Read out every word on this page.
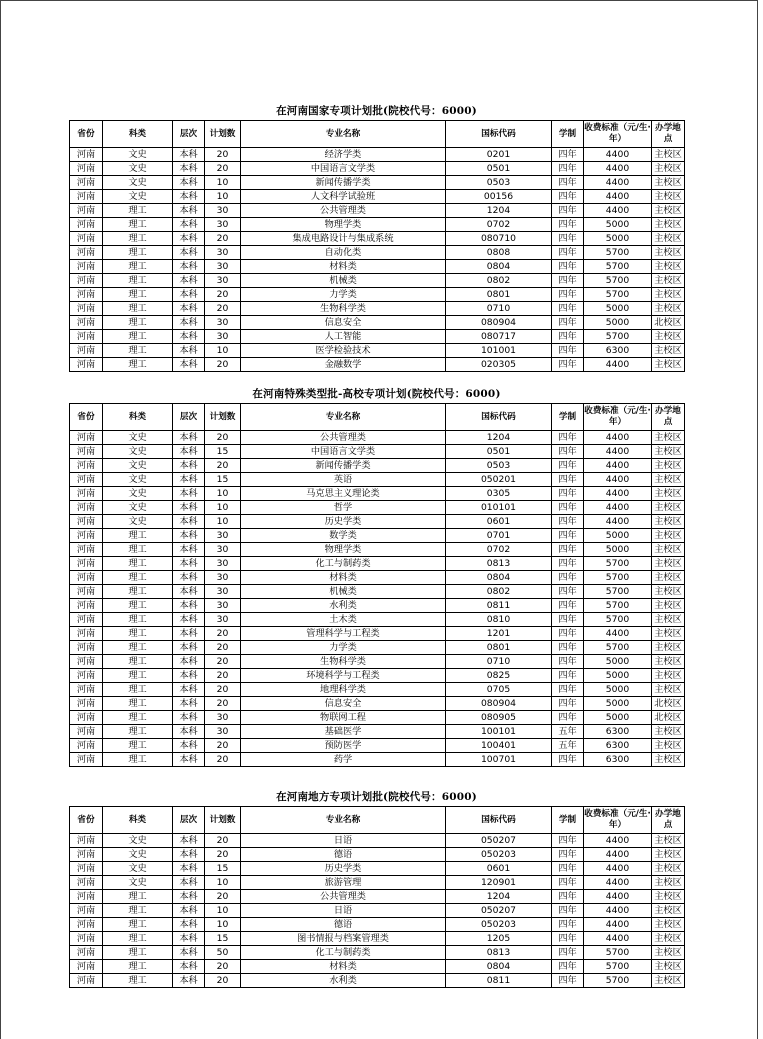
在河南国家专项计划批(院校代号：6000)
省份	科类	层次	计划数	专业名称	国标代码	学制	收费标准（元/生·年）	办学地点
河南	文史	本科	20	经济学类	0201	四年	4400	主校区
河南	文史	本科	20	中国语言文学类	0501	四年	4400	主校区
河南	文史	本科	10	新闻传播学类	0503	四年	4400	主校区
河南	文史	本科	10	人文科学试验班	00156	四年	4400	主校区
河南	理工	本科	30	公共管理类	1204	四年	4400	主校区
河南	理工	本科	30	物理学类	0702	四年	5000	主校区
河南	理工	本科	20	集成电路设计与集成系统	080710	四年	5000	主校区
河南	理工	本科	30	自动化类	0808	四年	5700	主校区
河南	理工	本科	30	材料类	0804	四年	5700	主校区
河南	理工	本科	30	机械类	0802	四年	5700	主校区
河南	理工	本科	20	力学类	0801	四年	5700	主校区
河南	理工	本科	20	生物科学类	0710	四年	5000	主校区
河南	理工	本科	30	信息安全	080904	四年	5000	北校区
河南	理工	本科	30	人工智能	080717	四年	5700	主校区
河南	理工	本科	10	医学检验技术	101001	四年	6300	主校区
河南	理工	本科	20	金融数学	020305	四年	4400	主校区
在河南特殊类型批-高校专项计划(院校代号：6000)
省份	科类	层次	计划数	专业名称	国标代码	学制	收费标准（元/生·年）	办学地点
河南	文史	本科	20	公共管理类	1204	四年	4400	主校区
河南	文史	本科	15	中国语言文学类	0501	四年	4400	主校区
河南	文史	本科	20	新闻传播学类	0503	四年	4400	主校区
河南	文史	本科	15	英语	050201	四年	4400	主校区
河南	文史	本科	10	马克思主义理论类	0305	四年	4400	主校区
河南	文史	本科	10	哲学	010101	四年	4400	主校区
河南	文史	本科	10	历史学类	0601	四年	4400	主校区
河南	理工	本科	30	数学类	0701	四年	5000	主校区
河南	理工	本科	30	物理学类	0702	四年	5000	主校区
河南	理工	本科	30	化工与制药类	0813	四年	5700	主校区
河南	理工	本科	30	材料类	0804	四年	5700	主校区
河南	理工	本科	30	机械类	0802	四年	5700	主校区
河南	理工	本科	30	水利类	0811	四年	5700	主校区
河南	理工	本科	30	土木类	0810	四年	5700	主校区
河南	理工	本科	20	管理科学与工程类	1201	四年	4400	主校区
河南	理工	本科	20	力学类	0801	四年	5700	主校区
河南	理工	本科	20	生物科学类	0710	四年	5000	主校区
河南	理工	本科	20	环境科学与工程类	0825	四年	5000	主校区
河南	理工	本科	20	地理科学类	0705	四年	5000	主校区
河南	理工	本科	20	信息安全	080904	四年	5000	北校区
河南	理工	本科	30	物联网工程	080905	四年	5000	北校区
河南	理工	本科	30	基础医学	100101	五年	6300	主校区
河南	理工	本科	20	预防医学	100401	五年	6300	主校区
河南	理工	本科	20	药学	100701	四年	6300	主校区
在河南地方专项计划批(院校代号：6000)
省份	科类	层次	计划数	专业名称	国标代码	学制	收费标准（元/生·年）	办学地点
河南	文史	本科	20	日语	050207	四年	4400	主校区
河南	文史	本科	20	德语	050203	四年	4400	主校区
河南	文史	本科	15	历史学类	0601	四年	4400	主校区
河南	文史	本科	10	旅游管理	120901	四年	4400	主校区
河南	理工	本科	20	公共管理类	1204	四年	4400	主校区
河南	理工	本科	10	日语	050207	四年	4400	主校区
河南	理工	本科	10	德语	050203	四年	4400	主校区
河南	理工	本科	15	图书情报与档案管理类	1205	四年	4400	主校区
河南	理工	本科	50	化工与制药类	0813	四年	5700	主校区
河南	理工	本科	20	材料类	0804	四年	5700	主校区
河南	理工	本科	20	水利类	0811	四年	5700	主校区
